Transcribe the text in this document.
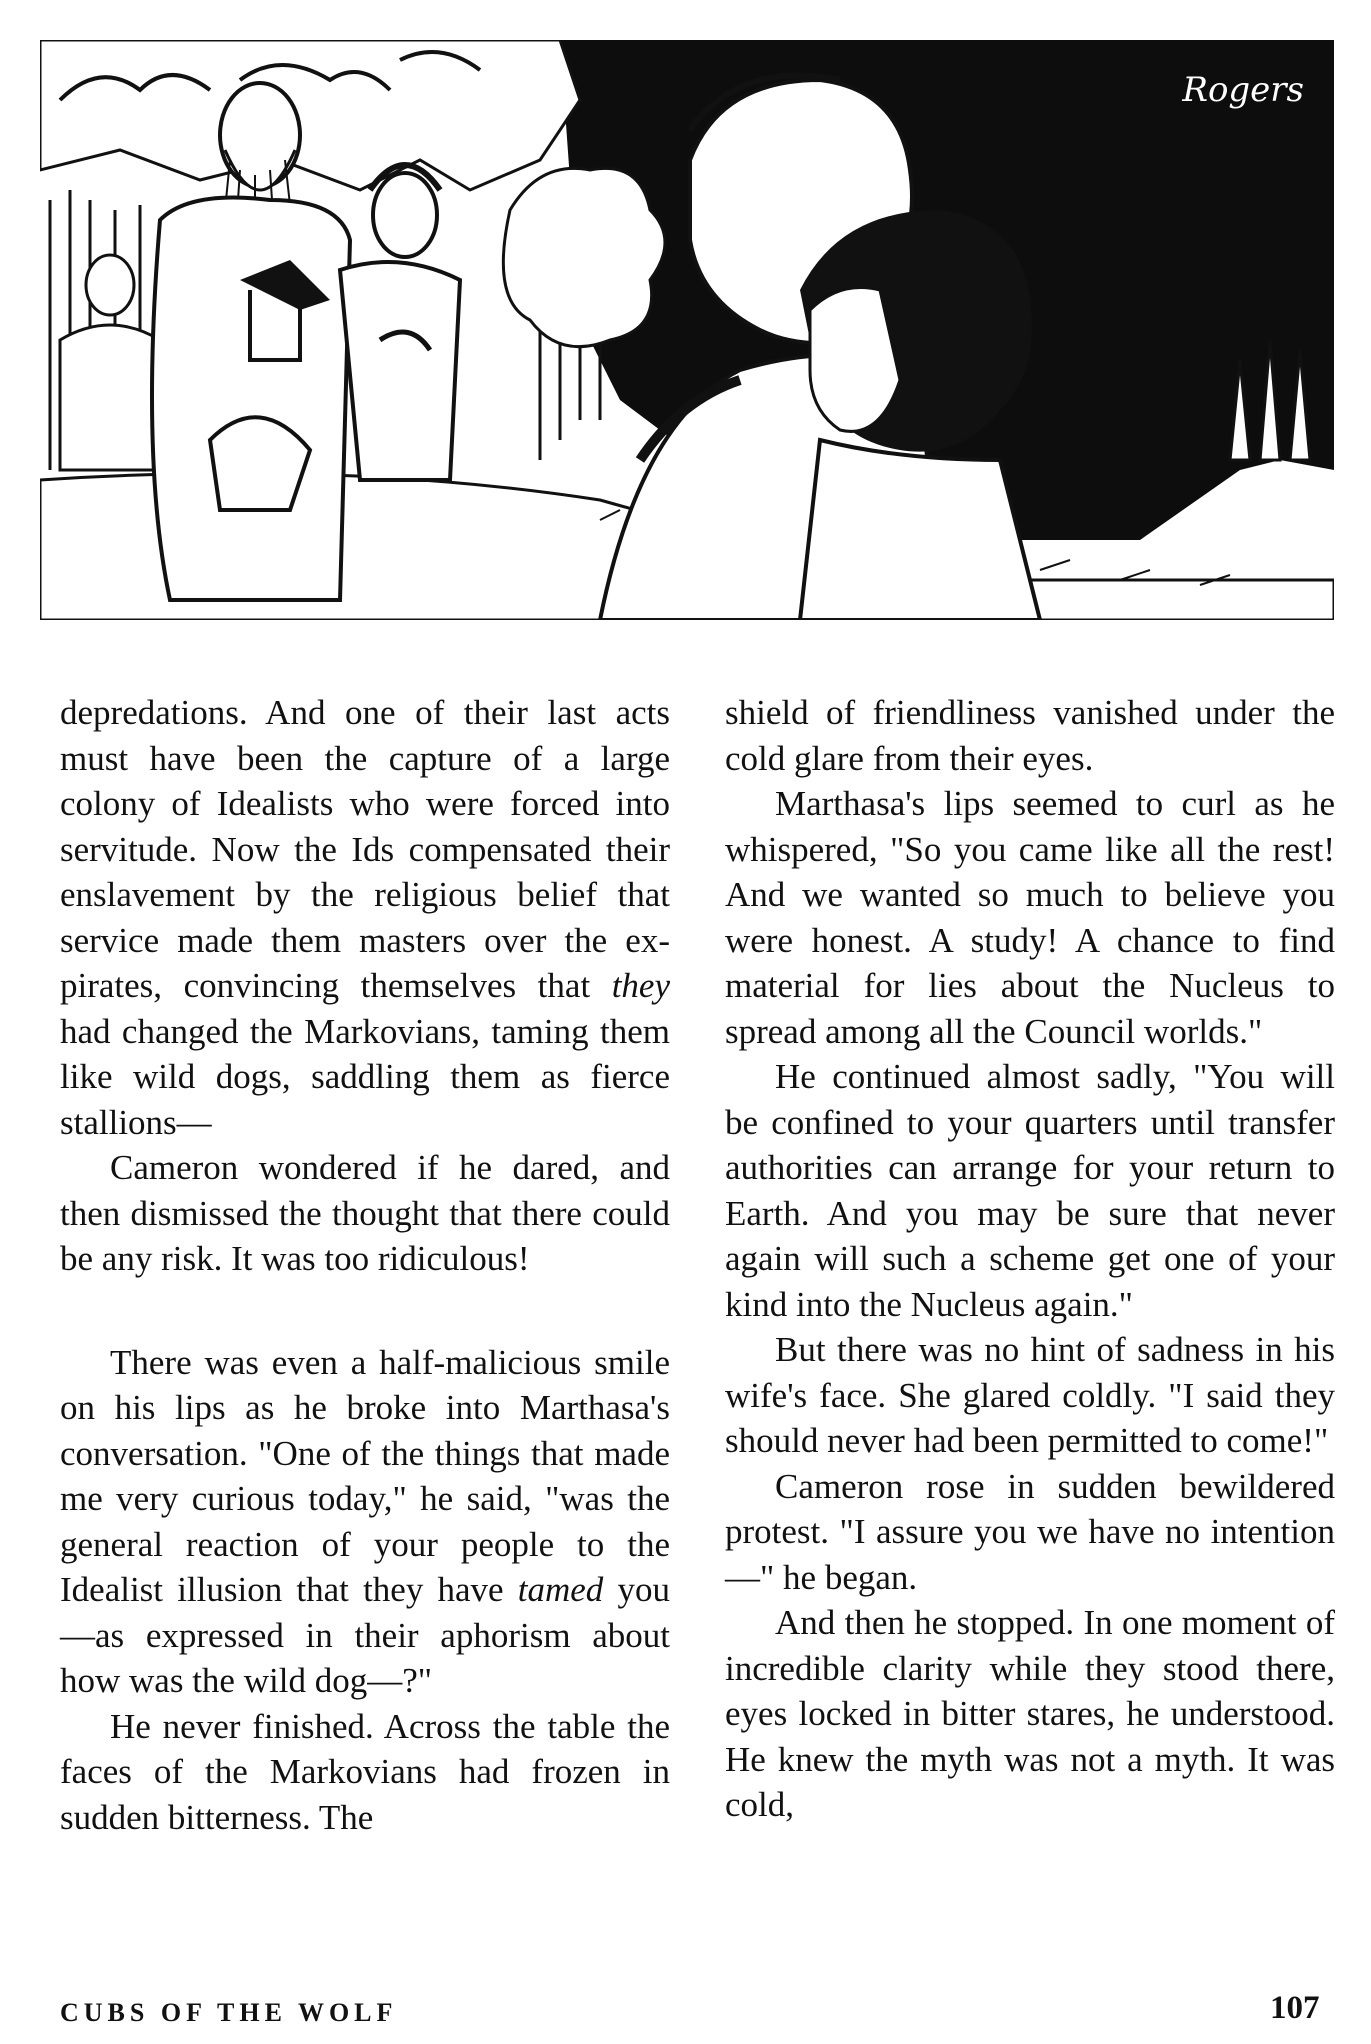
Rogers

depredations. And one of their last acts must have been the capture of a large colony of Idealists who were forced into servitude. Now the Ids compensated their enslavement by the religious belief that service made them masters over the ex-pirates, convincing themselves that they had changed the Markovians, taming them like wild dogs, saddling them as fierce stallions—

Cameron wondered if he dared, and then dismissed the thought that there could be any risk. It was too ridiculous!

There was even a half-malicious smile on his lips as he broke into Marthasa's conversation. "One of the things that made me very curious today," he said, "was the general reaction of your people to the Idealist illusion that they have tamed you—as expressed in their aphorism about how was the wild dog—?"

He never finished. Across the table the faces of the Markovians had frozen in sudden bitterness. The

shield of friendliness vanished under the cold glare from their eyes.

Marthasa's lips seemed to curl as he whispered, "So you came like all the rest! And we wanted so much to believe you were honest. A study! A chance to find material for lies about the Nucleus to spread among all the Council worlds."

He continued almost sadly, "You will be confined to your quarters until transfer authorities can arrange for your return to Earth. And you may be sure that never again will such a scheme get one of your kind into the Nucleus again."

But there was no hint of sadness in his wife's face. She glared coldly. "I said they should never had been permitted to come!"

Cameron rose in sudden bewildered protest. "I assure you we have no intention—" he began.

And then he stopped. In one moment of incredible clarity while they stood there, eyes locked in bitter stares, he understood. He knew the myth was not a myth. It was cold,

CUBS OF THE WOLF	107
